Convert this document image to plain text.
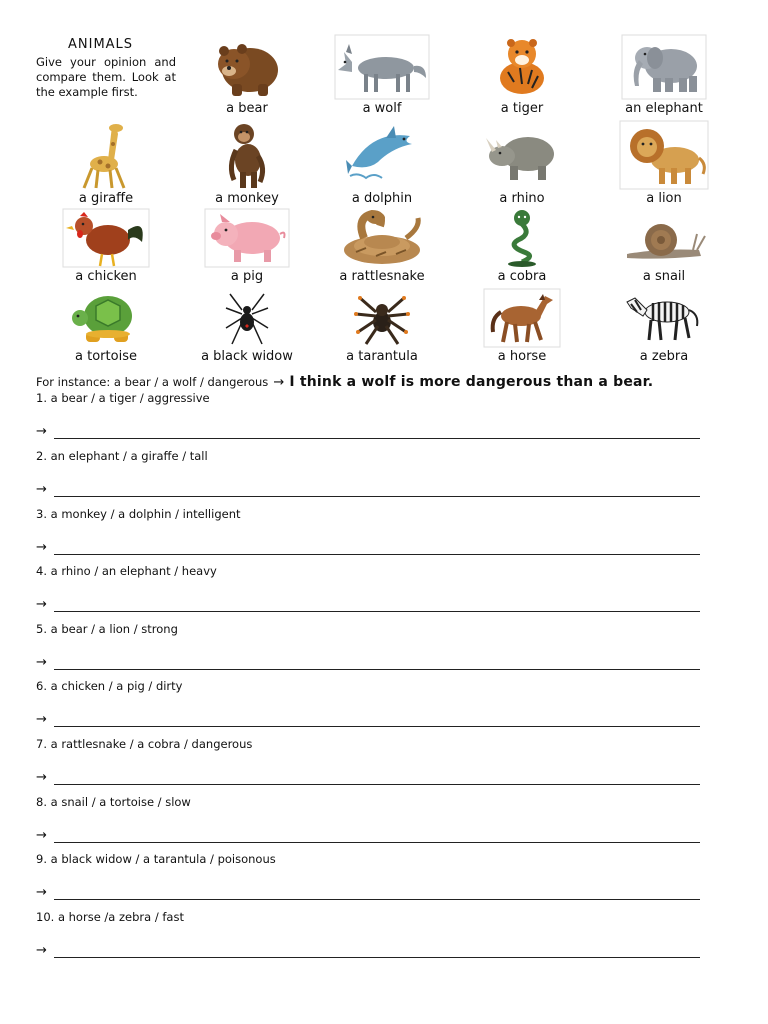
ANIMALS
Give your opinion and compare them. Look at the example first.
a bear	a wolf	a tiger	an elephant
a giraffe	a monkey	a dolphin	a rhino	a lion
a chicken	a pig	a rattlesnake	a cobra	a snail
a tortoise	a black widow	a tarantula	a horse	a zebra
For instance: a bear / a wolf / dangerous → I think a wolf is more dangerous than a bear.
1. a bear / a tiger / aggressive
→
2. an elephant / a giraffe / tall
→
3. a monkey / a dolphin / intelligent
→
4. a rhino / an elephant / heavy
→
5. a bear / a lion / strong
→
6. a chicken / a pig / dirty
→
7. a rattlesnake / a cobra / dangerous
→
8. a snail / a tortoise / slow
→
9. a black widow / a tarantula / poisonous
→
10. a horse /a zebra / fast
→
